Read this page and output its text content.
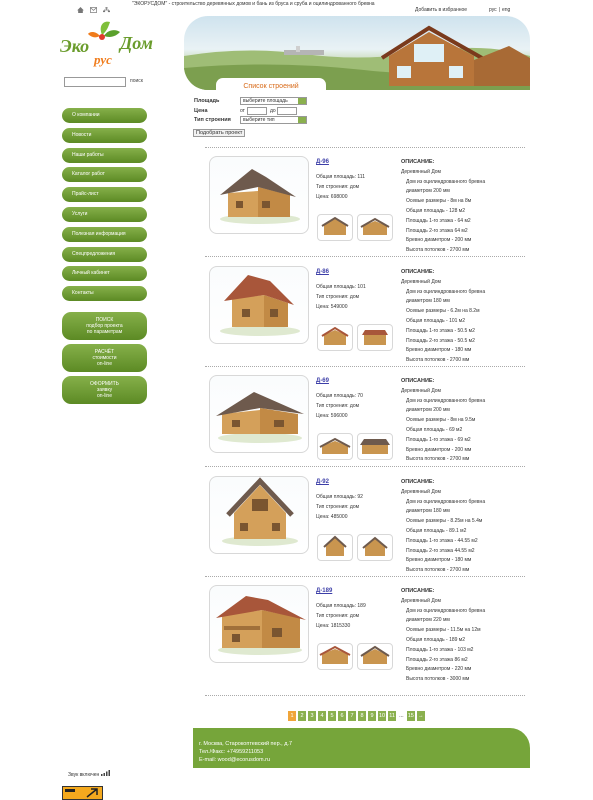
"ЭКОРУСДОМ" - строительство деревянных домов и бань из бруса и сруба и оцилиндрованного бревна
Добавить в избранное	рус | eng
Эко
рус
Дом
поиск
О компании
Новости
Наши работы
Каталог работ
Прайс-лист
Услуги
Полезная информация
Спецпредложения
Личный кабинет
Контакты
ПОИСК
подбор проекта
по параметрам
РАСЧЁТ
стоимости
on-line
ОФОРМИТЬ
заявку
on-line
Список строений
Площадь	выберите площадь
Цена	от	до
Тип строения	выберите тип
Подобрать проект
Д-96
Общая площадь: 111
Тип строения: дом
Цена: 698000
ОПИСАНИЕ:
Деревянный Дом
Дом из оцилиндрованного бревна
диаметром 200 мм
Осевые размеры - 8м на 8м
Общая площадь - 128 м2
Площадь 1-го этажа - 64 м2
Площадь 2-го этажа 64 м2
Бревно диаметром - 200 мм
Высота потолков - 2700 мм
Д-86
Общая площадь: 101
Тип строения: дом
Цена: 549000
ОПИСАНИЕ:
Деревянный Дом
Дом из оцилиндрованного бревна
диаметром 180 мм
Осевые размеры - 6.2м на 8.2м
Общая площадь - 101 м2
Площадь 1-го этажа - 50.5 м2
Площадь 2-го этажа - 50.5 м2
Бревно диаметром - 180 мм
Высота потолков - 2700 мм
Д-69
Общая площадь: 70
Тип строения: дом
Цена: 596000
ОПИСАНИЕ:
Деревянный Дом
Дом из оцилиндрованного бревна
диаметром 200 мм
Осевые размеры - 8м на 9.5м
Общая площадь - 69 м2
Площадь 1-го этажа - 69 м2
Бревно диаметром - 200 мм
Высота потолков - 2700 мм
Д-92
Общая площадь: 92
Тип строения: дом
Цена: 485000
ОПИСАНИЕ:
Деревянный Дом
Дом из оцилиндрованного бревна
диаметром 180 мм
Осевые размеры - 8.25м на 5.4м
Общая площадь - 89.1 м2
Площадь 1-го этажа - 44.55 м2
Площадь 2-го этажа 44.55 м2
Бревно диаметром - 180 мм
Высота потолков - 2700 мм
Д-189
Общая площадь: 189
Тип строения: дом
Цена: 1815330
ОПИСАНИЕ:
Деревянный Дом
Дом из оцилиндрованного бревна
диаметром 220 мм
Осевые размеры - 11.5м на 12м
Общая площадь - 189 м2
Площадь 1-го этажа - 103 м2
Площадь 2-го этажа 86 м2
Бревно диаметром - 220 мм
Высота потолков - 3000 мм
1	2	3	4	5	6	7	8	9 10 11 ... 15 →
г. Москва, Старокоптевский пер., д.7
Тел./Факс: +74959211053
E-mail: wood@ecorusdom.ru
Звук включен
